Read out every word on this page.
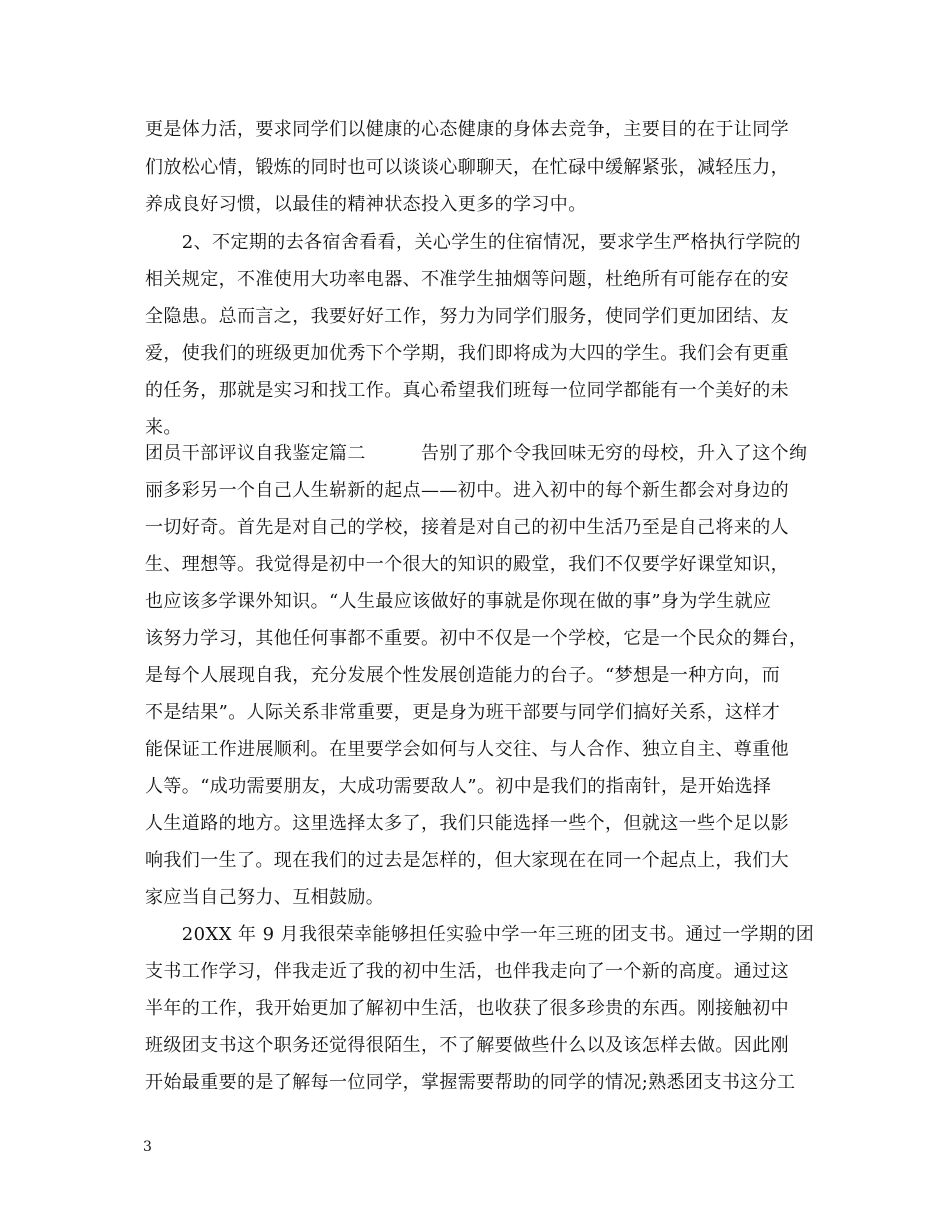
更是体力活，要求同学们以健康的心态健康的身体去竞争，主要目的在于让同学
们放松心情，锻炼的同时也可以谈谈心聊聊天，在忙碌中缓解紧张，减轻压力，
养成良好习惯，以最佳的精神状态投入更多的学习中。
　　2、不定期的去各宿舍看看，关心学生的住宿情况，要求学生严格执行学院的
相关规定，不准使用大功率电器、不准学生抽烟等问题，杜绝所有可能存在的安
全隐患。总而言之，我要好好工作，努力为同学们服务，使同学们更加团结、友
爱，使我们的班级更加优秀下个学期，我们即将成为大四的学生。我们会有更重
的任务，那就是实习和找工作。真心希望我们班每一位同学都能有一个美好的未
来。
团员干部评议自我鉴定篇二　　　告别了那个令我回味无穷的母校，升入了这个绚
丽多彩另一个自己人生崭新的起点——初中。进入初中的每个新生都会对身边的
一切好奇。首先是对自己的学校，接着是对自己的初中生活乃至是自己将来的人
生、理想等。我觉得是初中一个很大的知识的殿堂，我们不仅要学好课堂知识，
也应该多学课外知识。“人生最应该做好的事就是你现在做的事”身为学生就应
该努力学习，其他任何事都不重要。初中不仅是一个学校，它是一个民众的舞台，
是每个人展现自我，充分发展个性发展创造能力的台子。“梦想是一种方向，而
不是结果”。人际关系非常重要，更是身为班干部要与同学们搞好关系，这样才
能保证工作进展顺利。在里要学会如何与人交往、与人合作、独立自主、尊重他
人等。“成功需要朋友，大成功需要敌人”。初中是我们的指南针，是开始选择
人生道路的地方。这里选择太多了，我们只能选择一些个，但就这一些个足以影
响我们一生了。现在我们的过去是怎样的，但大家现在在同一个起点上，我们大
家应当自己努力、互相鼓励。
　　20XX 年 9 月我很荣幸能够担任实验中学一年三班的团支书。通过一学期的团
支书工作学习，伴我走近了我的初中生活，也伴我走向了一个新的高度。通过这
半年的工作，我开始更加了解初中生活，也收获了很多珍贵的东西。刚接触初中
班级团支书这个职务还觉得很陌生，不了解要做些什么以及该怎样去做。因此刚
开始最重要的是了解每一位同学，掌握需要帮助的同学的情况;熟悉团支书这分工
3
